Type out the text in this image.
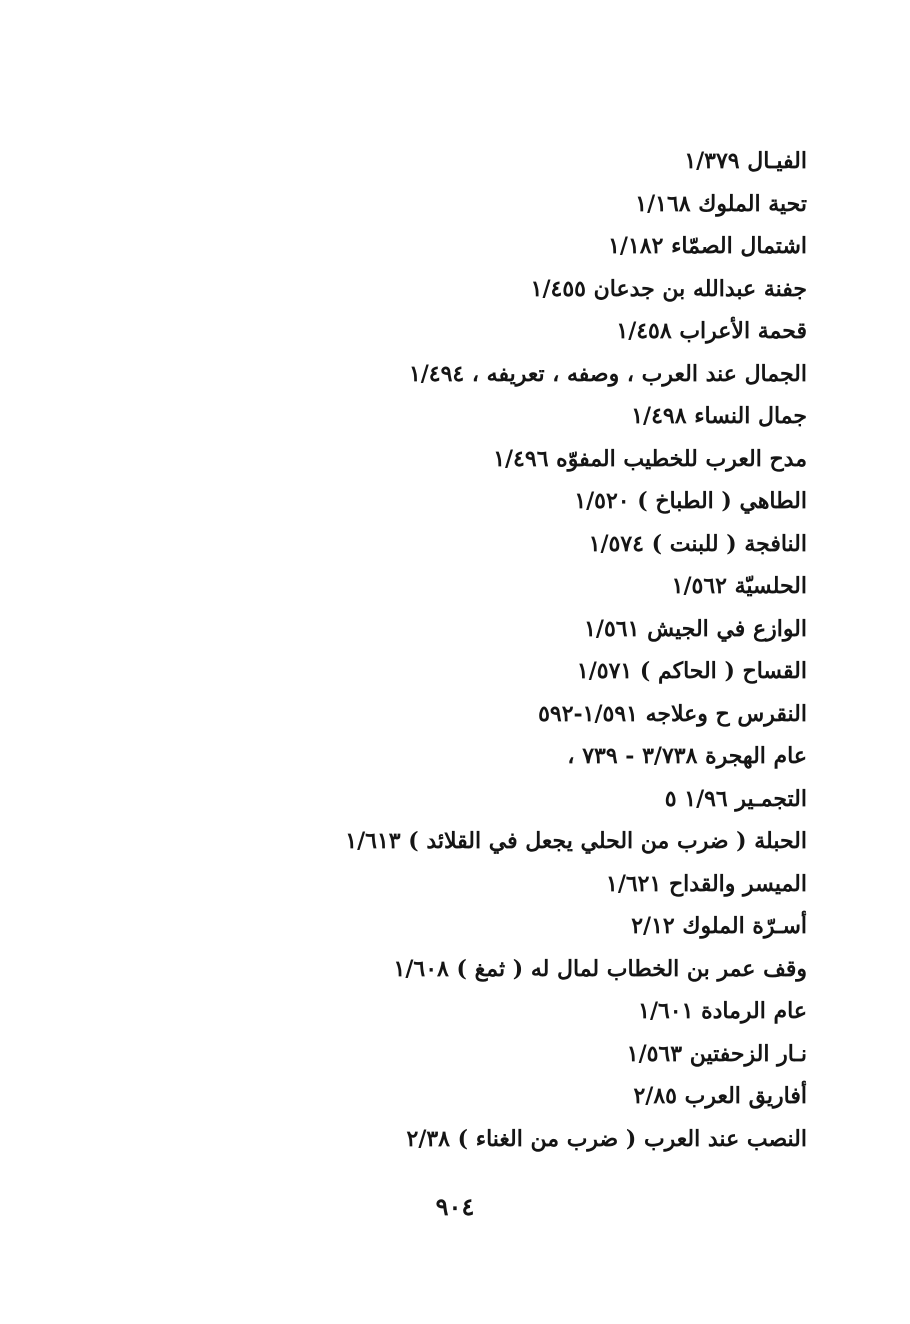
الفيـال ١/٣٧٩
تحية الملوك ١/١٦٨
اشتمال الصمّاء ١/١٨٢
جفنة عبدالله بن جدعان ١/٤٥٥
قحمة الأعراب ١/٤٥٨
الجمال عند العرب ، وصفه ، تعريفه ، ١/٤٩٤
جمال النساء ١/٤٩٨
مدح العرب للخطيب المفوّه ١/٤٩٦
الطاهي ( الطباخ ) ١/٥٢٠
النافجة ( للبنت ) ١/٥٧٤
الحلسيّة ١/٥٦٢
الوازع في الجيش ١/٥٦١
القساح ( الحاكم ) ١/٥٧١
النقرس ح وعلاجه ١/٥٩١-٥٩٢
عام الهجرة ٣/٧٣٨ - ٧٣٩ ،
التجمـير ١/٩٦ ٥
الحبلة ( ضرب من الحلي يجعل في القلائد ) ١/٦١٣
الميسر والقداح ١/٦٢١
أسـرّة الملوك ٢/١٢
وقف عمر بن الخطاب لمال له ( ثمغ ) ١/٦٠٨
عام الرمادة ١/٦٠١
نـار الزحفتين ١/٥٦٣
أفاريق العرب ٢/٨٥
النصب عند العرب ( ضرب من الغناء ) ٢/٣٨
٩٠٤
